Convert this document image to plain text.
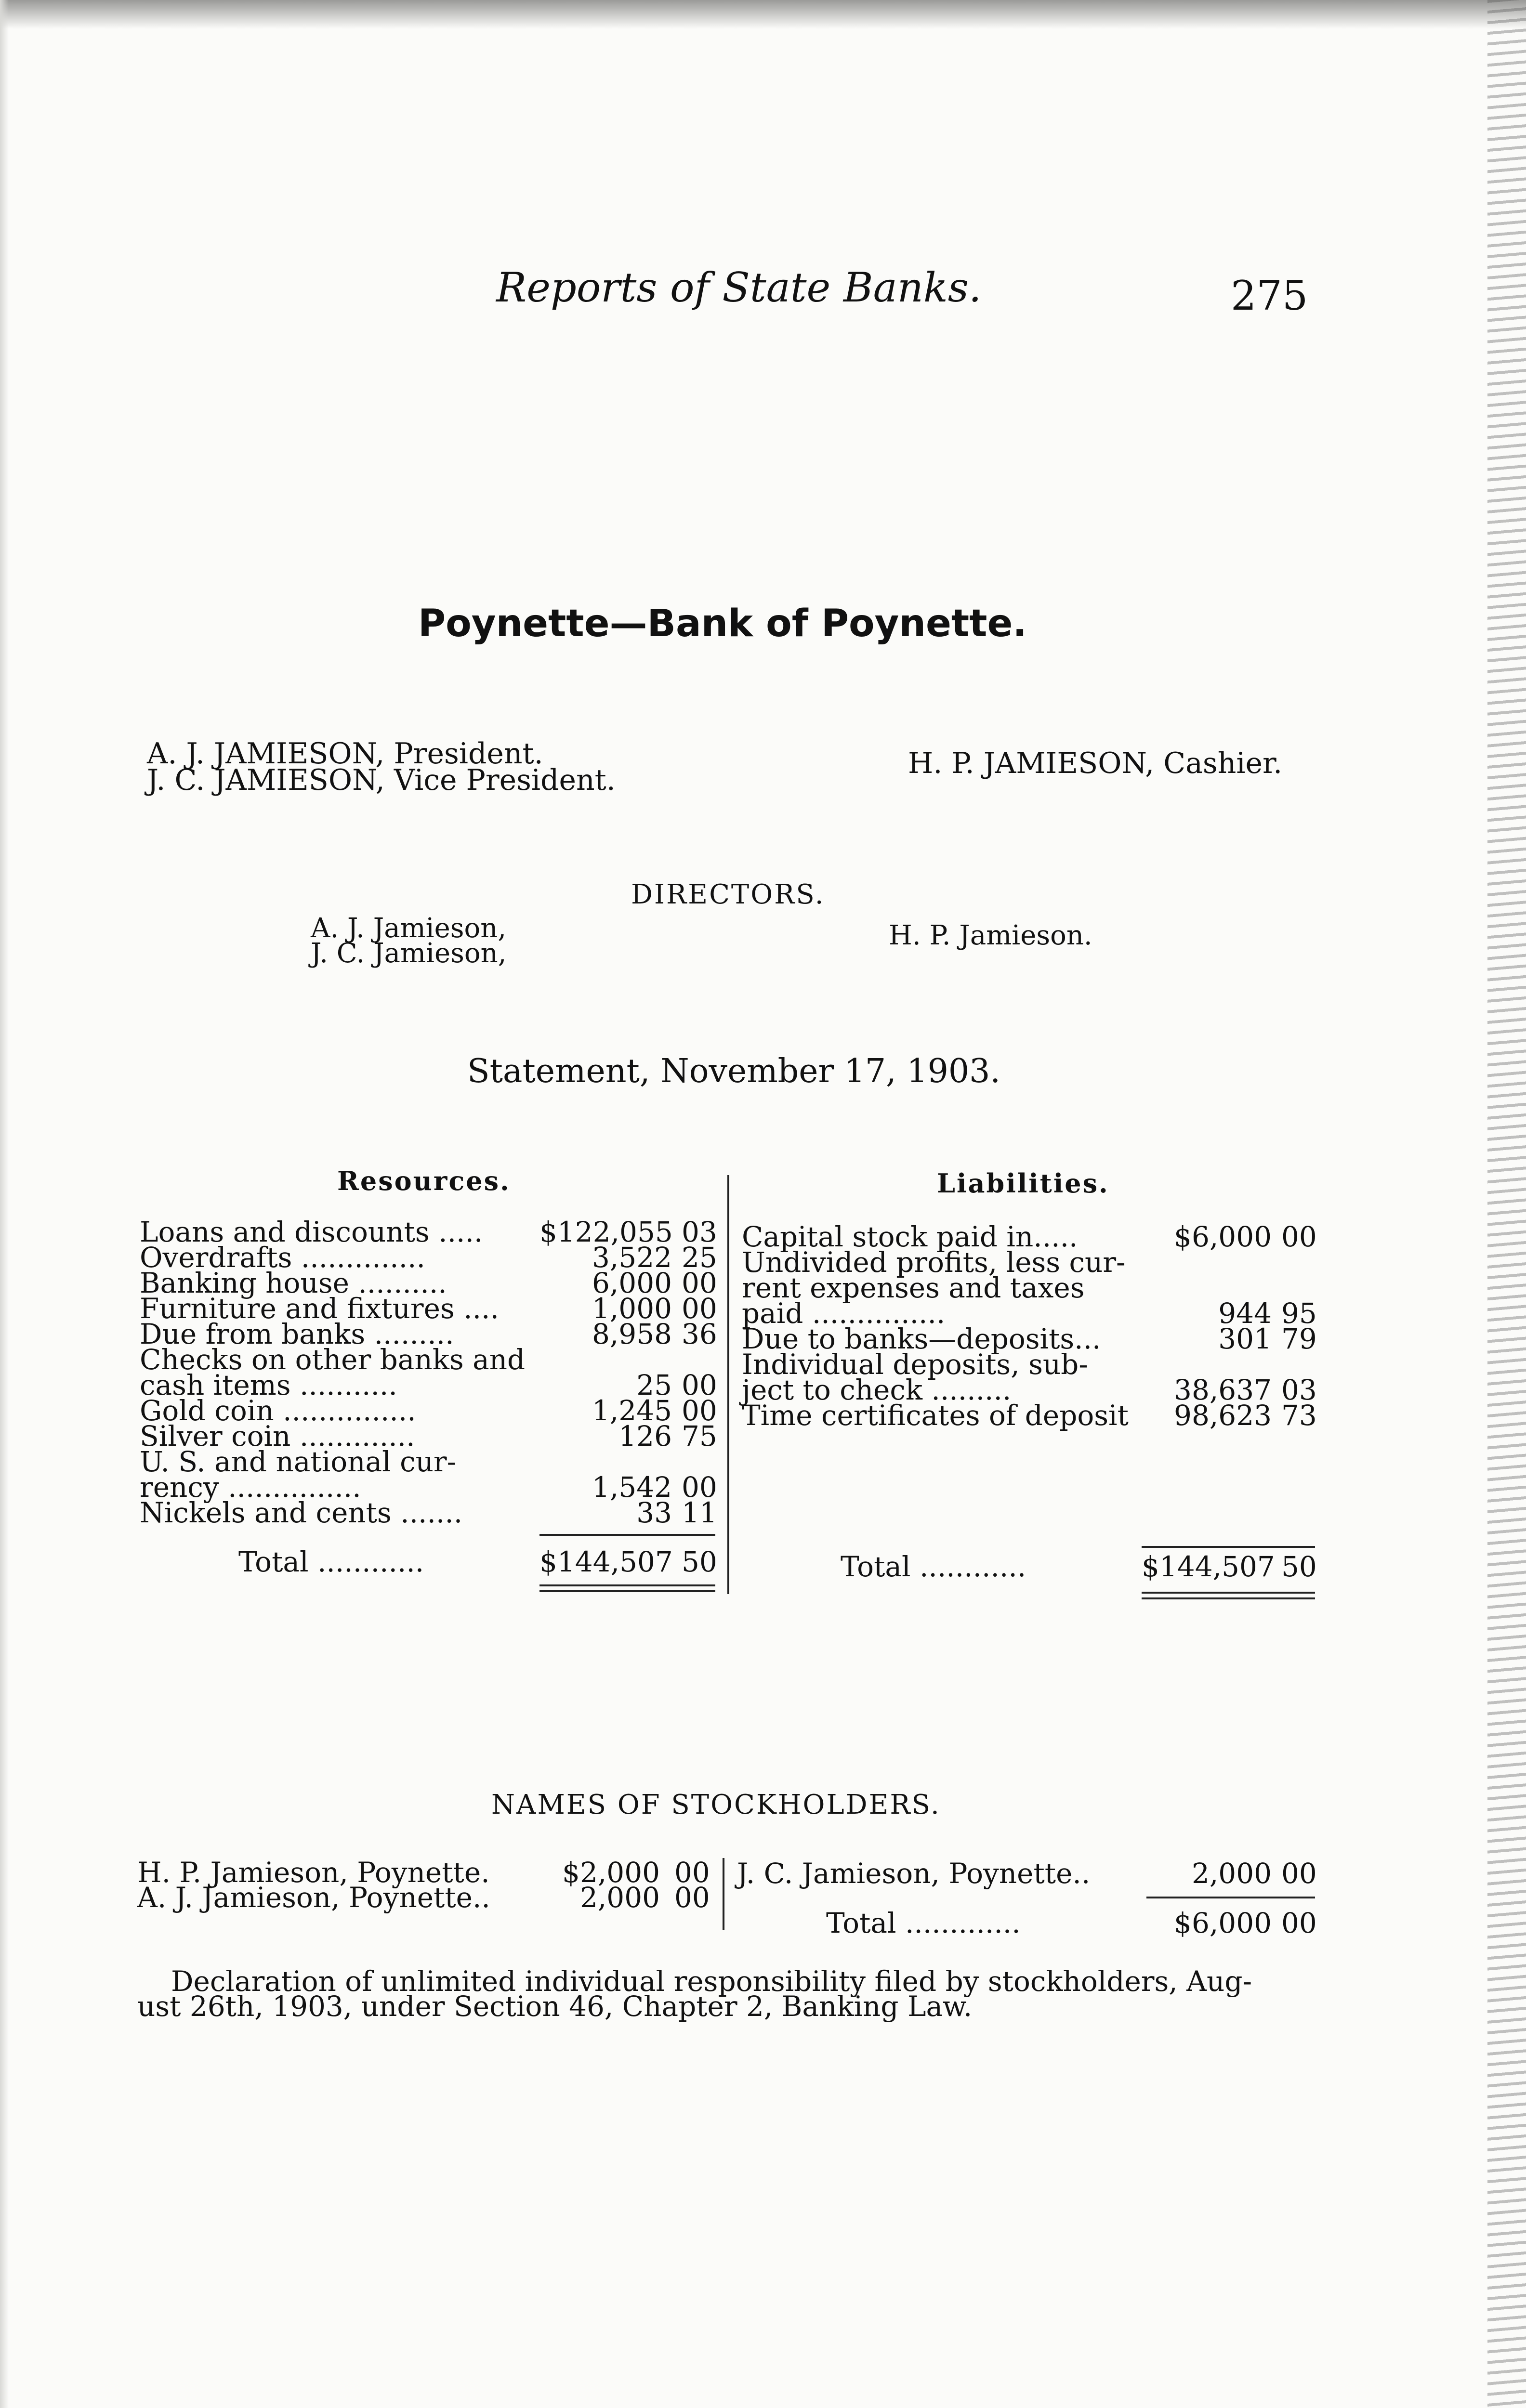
Reports of State Banks.	275
Poynette—Bank of Poynette.
A. J. JAMIESON, President.
J. C. JAMIESON, Vice President.	H. P. JAMIESON, Cashier.
DIRECTORS.
A. J. Jamieson,
J. C. Jamieson,
H. P. Jamieson.
Statement, November 17, 1903.
Resources.	Liabilities.
Loans and discounts ..... $122,055 03
Overdrafts ..............	3,522 25
Banking house ..........	6,000 00
Furniture and fixtures ....	1,000 00
Due from banks .........	8,958 36
Checks on other banks and
cash items ...........	25 00
Gold coin ...............	1,245 00
Silver coin .............	126 75
U. S. and national cur-
rency ...............	1,542 00
Nickels and cents .......	33 11
Capital stock paid in.....	$6,000 00
Undivided profits, less cur-
rent expenses and taxes
paid ...............	944 95
Due to banks—deposits...	301 79
Individual deposits, sub-
ject to check .........	38,637 03
Time certificates of deposit	98,623 73
Total ............	$144,507 50	Total ............	$144,507 50
NAMES OF STOCKHOLDERS.
H. P. Jamieson, Poynette.	$2,000 00
A. J. Jamieson, Poynette..	2,000 00
J. C. Jamieson, Poynette..	2,000 00
Total .............	$6,000 00
Declaration of unlimited individual responsibility filed by stockholders, Aug-
ust 26th, 1903, under Section 46, Chapter 2, Banking Law.
